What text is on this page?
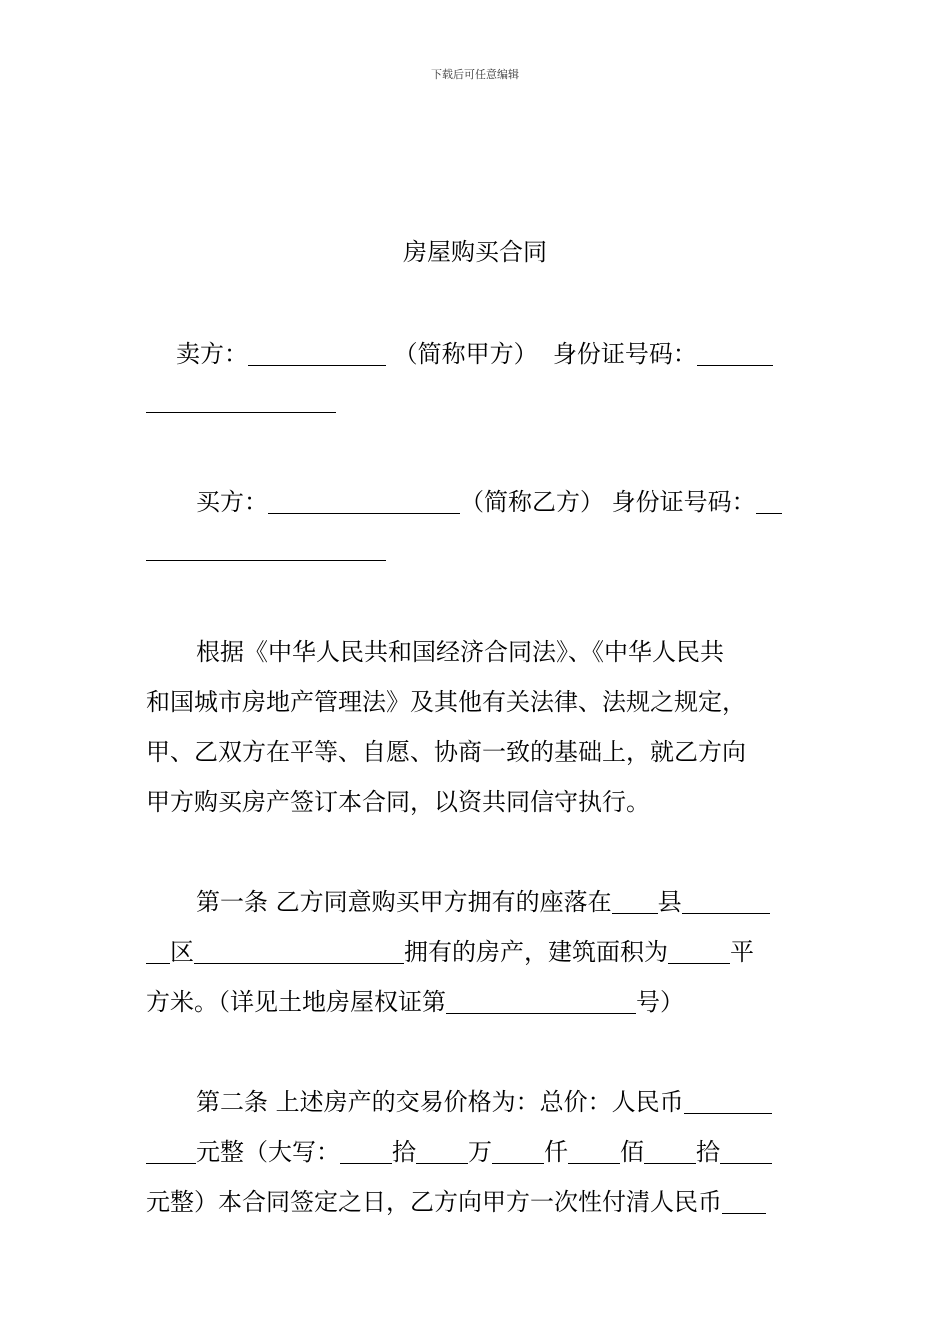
下载后可任意编辑
房屋购买合同
卖方：	（简称甲方） 身份证号码：
买方：	（简称乙方） 身份证号码：
根据《中华人民共和国经济合同法》、《中华人民共
和国城市房地产管理法》及其他有关法律、法规之规定，
甲、乙双方在平等、自愿、协商一致的基础上，就乙方向
甲方购买房产签订本合同，以资共同信守执行。
第一条 乙方同意购买甲方拥有的座落在 县
区	拥有的房产，建筑面积为	平
方米。（详见土地房屋权证第	号）
第二条 上述房产的交易价格为：总价：人民币
元整（大写： 拾 万 仟 佰 拾
元整）本合同签定之日，乙方向甲方一次性付清人民币
